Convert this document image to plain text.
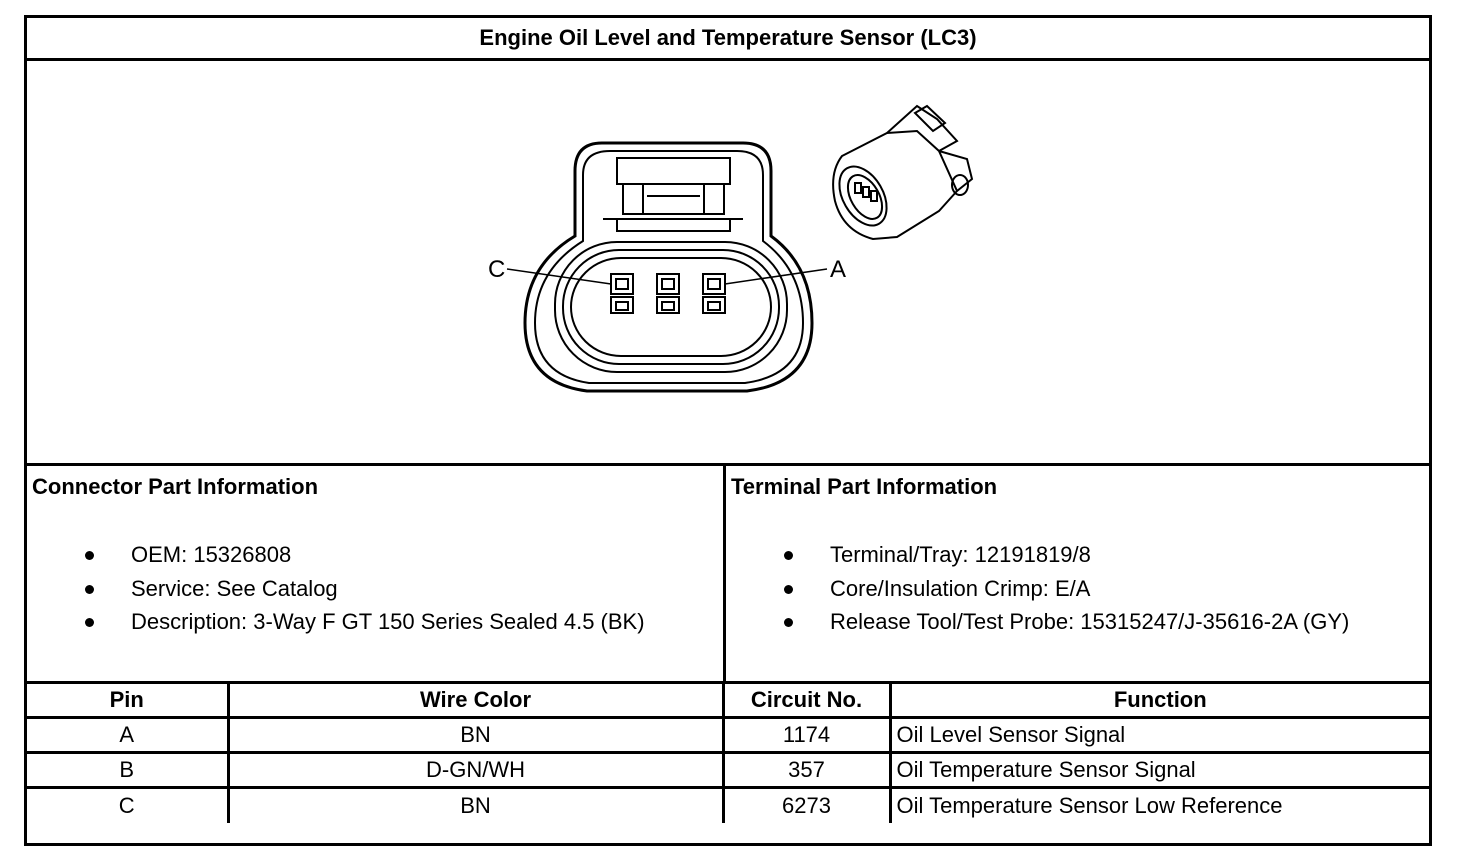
Engine Oil Level and Temperature Sensor (LC3)
C	A
Connector Part Information
OEM: 15326808
Service: See Catalog
Description: 3-Way F GT 150 Series Sealed 4.5 (BK)
Terminal Part Information
Terminal/Tray: 12191819/8
Core/Insulation Crimp: E/A
Release Tool/Test Probe: 15315247/J-35616-2A (GY)
Pin	Wire Color	Circuit No.	Function
A	BN	1174	Oil Level Sensor Signal
B	D-GN/WH	357	Oil Temperature Sensor Signal
C	BN	6273	Oil Temperature Sensor Low Reference
